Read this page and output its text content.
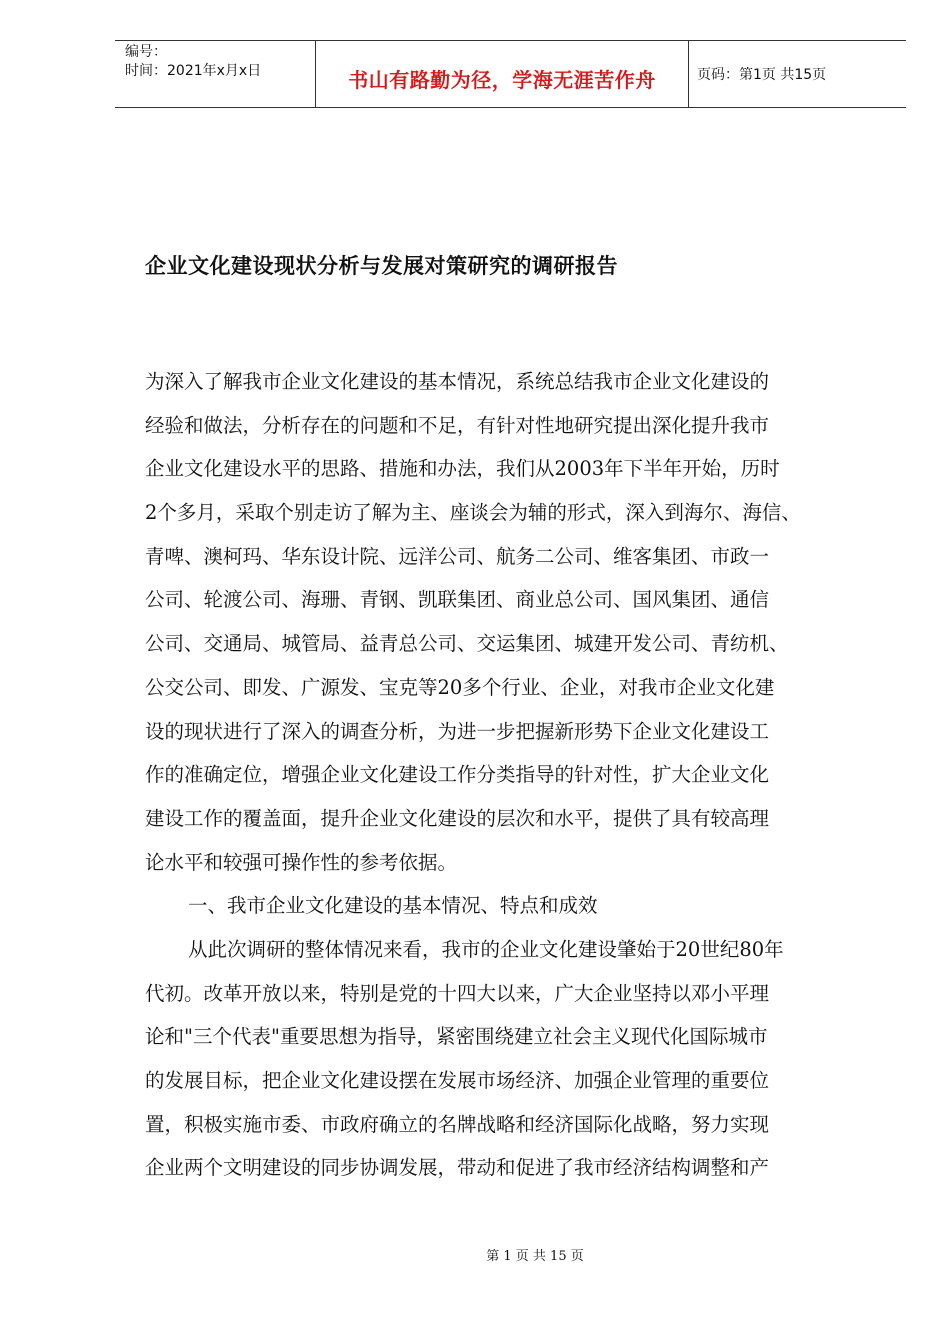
编号：
时间：2021年x月x日	书山有路勤为径，学海无涯苦作舟	页码：第1页 共15页
企业文化建设现状分析与发展对策研究的调研报告
为深入了解我市企业文化建设的基本情况，系统总结我市企业文化建设的
经验和做法，分析存在的问题和不足，有针对性地研究提出深化提升我市
企业文化建设水平的思路、措施和办法，我们从2003年下半年开始，历时
2个多月，采取个别走访了解为主、座谈会为辅的形式，深入到海尔、海信、
青啤、澳柯玛、华东设计院、远洋公司、航务二公司、维客集团、市政一
公司、轮渡公司、海珊、青钢、凯联集团、商业总公司、国风集团、通信
公司、交通局、城管局、益青总公司、交运集团、城建开发公司、青纺机、
公交公司、即发、广源发、宝克等20多个行业、企业，对我市企业文化建
设的现状进行了深入的调查分析，为进一步把握新形势下企业文化建设工
作的准确定位，增强企业文化建设工作分类指导的针对性，扩大企业文化
建设工作的覆盖面，提升企业文化建设的层次和水平，提供了具有较高理
论水平和较强可操作性的参考依据。
一、我市企业文化建设的基本情况、特点和成效
从此次调研的整体情况来看，我市的企业文化建设肇始于20世纪80年
代初。改革开放以来，特别是党的十四大以来，广大企业坚持以邓小平理
论和"三个代表"重要思想为指导，紧密围绕建立社会主义现代化国际城市
的发展目标，把企业文化建设摆在发展市场经济、加强企业管理的重要位
置，积极实施市委、市政府确立的名牌战略和经济国际化战略，努力实现
企业两个文明建设的同步协调发展，带动和促进了我市经济结构调整和产
第 1 页 共 15 页
